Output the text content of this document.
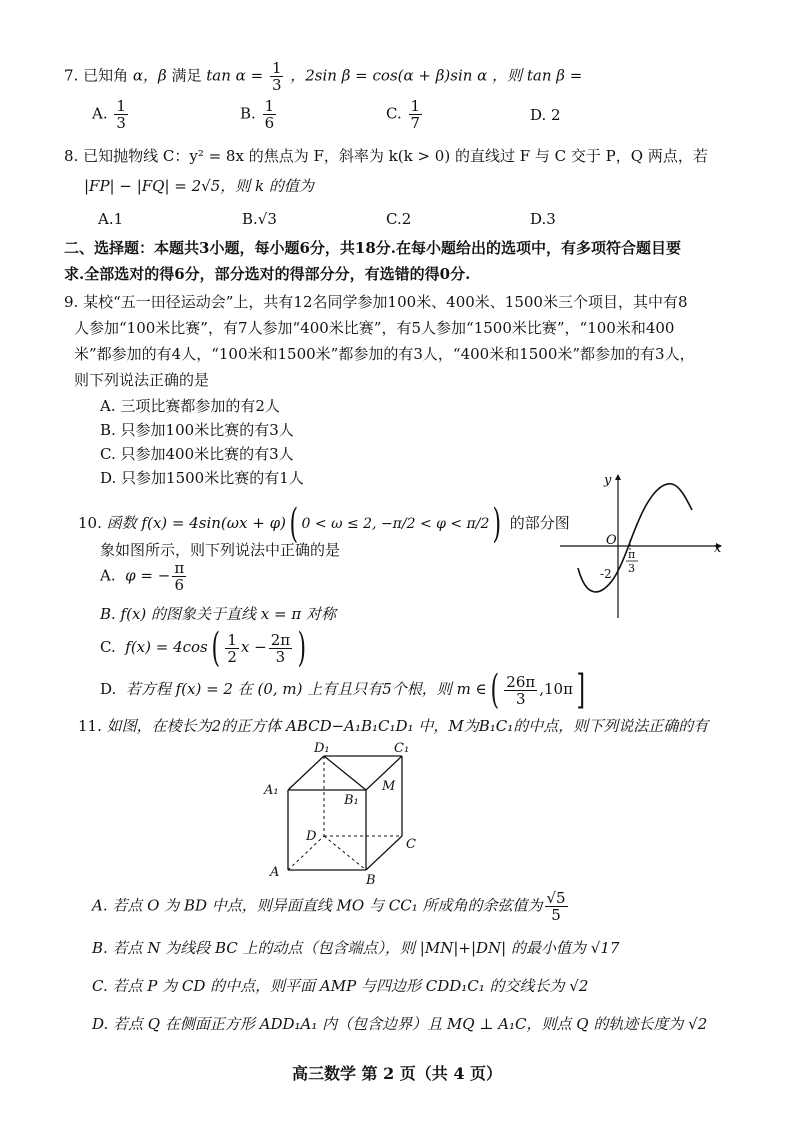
7. 已知角 α，β 满足 $\tan \alpha = \frac{1}{3}$ ，2sin β = cos(α + β)sin α ，则 tan β =
A. $\frac{1}{3}$	B. $\frac{1}{6}$	C. $\frac{1}{7}$	D. 2
8. 已知抛物线 C：y² = 8x 的焦点为 F，斜率为 k(k > 0) 的直线过 F 与 C 交于 P，Q 两点，若
|FP| − |FQ| = 2√5，则 k 的值为
A.1	B.√3	C.2	D.3
二、选择题：本题共3小题，每小题6分，共18分.在每小题给出的选项中，有多项符合题目要
求.全部选对的得6分，部分选对的得部分分，有选错的得0分.
9. 某校“五一田径运动会”上，共有12名同学参加100米、400米、1500米三个项目，其中有8
人参加“100米比赛”，有7人参加“400米比赛”，有5人参加“1500米比赛”，“100米和400
米”都参加的有4人，“100米和1500米”都参加的有3人，“400米和1500米”都参加的有3人，
则下列说法正确的是
A. 三项比赛都参加的有2人
B. 只参加100米比赛的有3人
C. 只参加400米比赛的有3人
D. 只参加1500米比赛的有1人
10. 函数 f(x) = 4sin(ωx + φ)( 0 < ω ≤ 2, −π/2 < φ < π/2) 的部分图
象如图所示，则下列说法中正确的是
A. φ = − $\frac{\pi}{6}$
B. f(x) 的图象关于直线 x = π 对称
C. $f(x) = 4\cos( \frac{1}{2}$ $x - \frac{2\pi}{3}$ )
D. 若方程 f(x) = 2 在 (0, m) 上有且只有5个根，则 m ∈( $\frac{26\pi}{3} ,10\pi$]
y
x
O
-2
π
3
11. 如图，在棱长为2的正方体 ABCD−A₁B₁C₁D₁ 中，M为B₁C₁的中点，则下列说法正确的有
D₁	C₁
A₁
B₁
M
D
C
A
B
A. 若点 O 为 BD 中点，则异面直线 MO 与 CC₁ 所成角的余弦值为 $\frac{√5}{5}$
B. 若点 N 为线段 BC 上的动点（包含端点），则 |MN|+|DN| 的最小值为 √17
C. 若点 P 为 CD 的中点，则平面 AMP 与四边形 CDD₁C₁ 的交线长为 √2
D. 若点 Q 在侧面正方形 ADD₁A₁ 内（包含边界）且 MQ ⊥ A₁C，则点 Q 的轨迹长度为 √2
高三数学 第 2 页（共 4 页）
